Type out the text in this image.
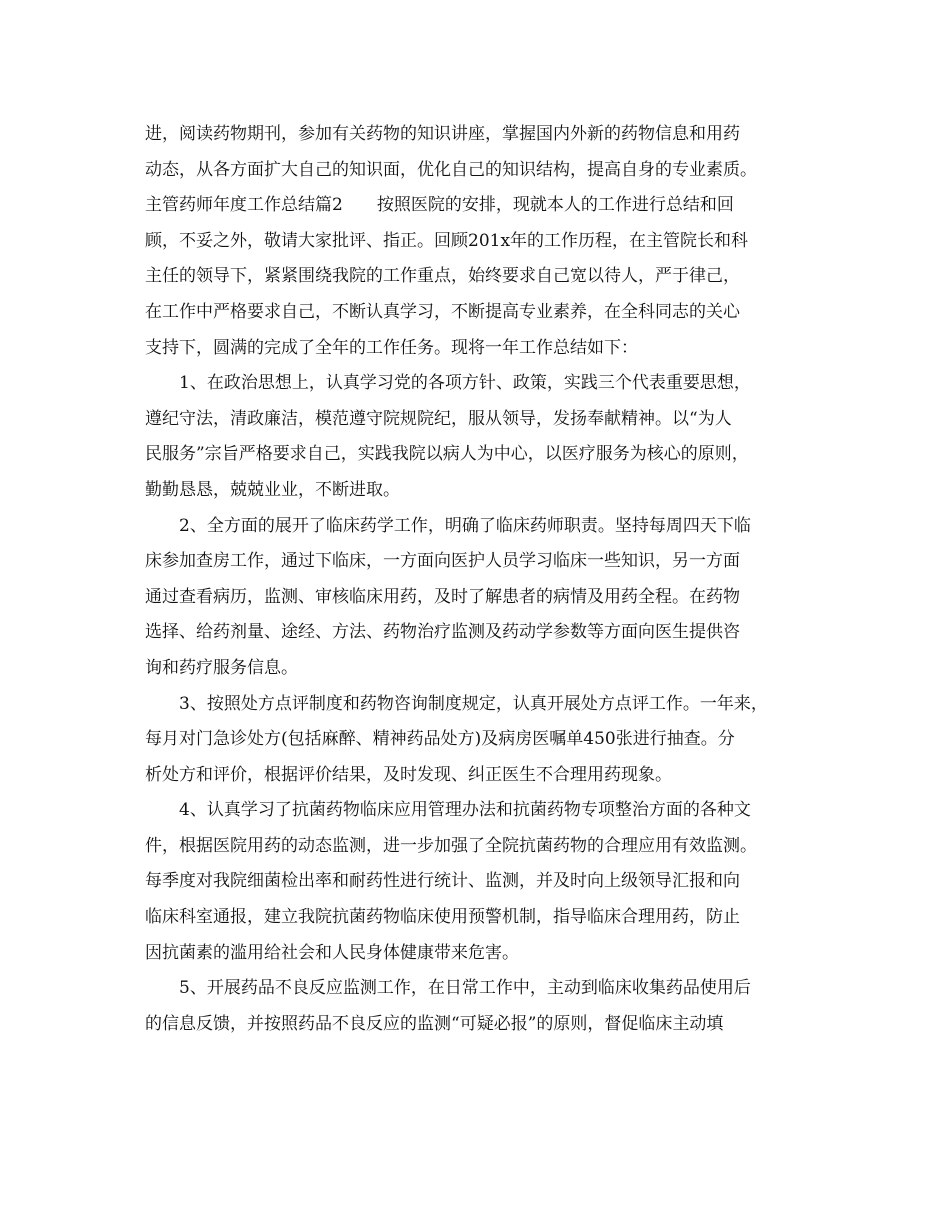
进，阅读药物期刊，参加有关药物的知识讲座，掌握国内外新的药物信息和用药
动态，从各方面扩大自己的知识面，优化自己的知识结构，提高自身的专业素质。
主管药师年度工作总结篇2　　按照医院的安排，现就本人的工作进行总结和回
顾，不妥之外，敬请大家批评、指正。回顾201x年的工作历程，在主管院长和科
主任的领导下，紧紧围绕我院的工作重点，始终要求自己宽以待人，严于律己，
在工作中严格要求自己，不断认真学习，不断提高专业素养，在全科同志的关心
支持下，圆满的完成了全年的工作任务。现将一年工作总结如下：
1、在政治思想上，认真学习党的各项方针、政策，实践三个代表重要思想，
遵纪守法，清政廉洁，模范遵守院规院纪，服从领导，发扬奉献精神。以“为人
民服务”宗旨严格要求自己，实践我院以病人为中心，以医疗服务为核心的原则，
勤勤恳恳，兢兢业业，不断进取。
2、全方面的展开了临床药学工作，明确了临床药师职责。坚持每周四天下临
床参加查房工作，通过下临床，一方面向医护人员学习临床一些知识，另一方面
通过查看病历，监测、审核临床用药，及时了解患者的病情及用药全程。在药物
选择、给药剂量、途经、方法、药物治疗监测及药动学参数等方面向医生提供咨
询和药疗服务信息。
3、按照处方点评制度和药物咨询制度规定，认真开展处方点评工作。一年来，
每月对门急诊处方(包括麻醉、精神药品处方)及病房医嘱单450张进行抽查。分
析处方和评价，根据评价结果，及时发现、纠正医生不合理用药现象。
4、认真学习了抗菌药物临床应用管理办法和抗菌药物专项整治方面的各种文
件，根据医院用药的动态监测，进一步加强了全院抗菌药物的合理应用有效监测。
每季度对我院细菌检出率和耐药性进行统计、监测，并及时向上级领导汇报和向
临床科室通报，建立我院抗菌药物临床使用预警机制，指导临床合理用药，防止
因抗菌素的滥用给社会和人民身体健康带来危害。
5、开展药品不良反应监测工作，在日常工作中，主动到临床收集药品使用后
的信息反馈，并按照药品不良反应的监测“可疑必报”的原则，督促临床主动填
